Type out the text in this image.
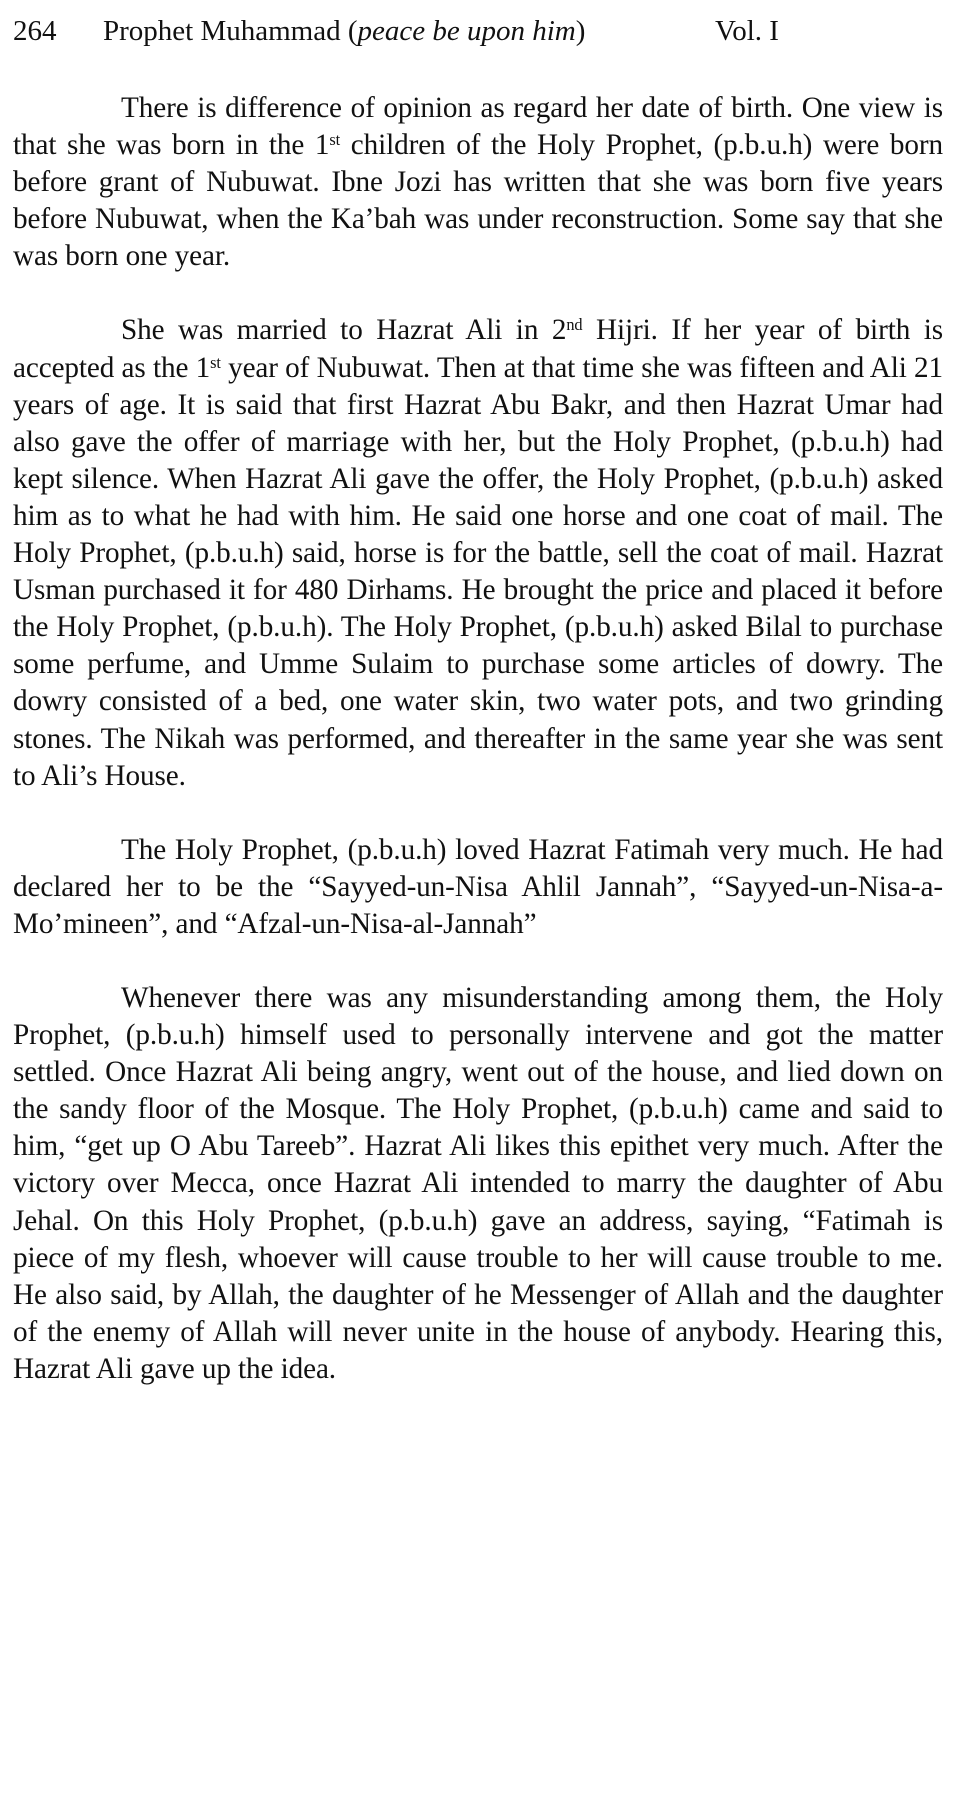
264 Prophet Muhammad (peace be upon him)	Vol. I

There is difference of opinion as regard her date of birth. One view is that she was born in the 1st children of the Holy Prophet, (p.b.u.h) were born before grant of Nubuwat. Ibne Jozi has written that she was born five years before Nubuwat, when the Ka’bah was under reconstruction. Some say that she was born one year.

She was married to Hazrat Ali in 2nd Hijri. If her year of birth is accepted as the 1st year of Nubuwat. Then at that time she was fifteen and Ali 21 years of age. It is said that first Hazrat Abu Bakr, and then Hazrat Umar had also gave the offer of marriage with her, but the Holy Prophet, (p.b.u.h) had kept silence. When Hazrat Ali gave the offer, the Holy Prophet, (p.b.u.h) asked him as to what he had with him. He said one horse and one coat of mail. The Holy Prophet, (p.b.u.h) said, horse is for the battle, sell the coat of mail. Hazrat Usman purchased it for 480 Dirhams. He brought the price and placed it before the Holy Prophet, (p.b.u.h). The Holy Prophet, (p.b.u.h) asked Bilal to purchase some perfume, and Umme Sulaim to purchase some articles of dowry. The dowry consisted of a bed, one water skin, two water pots, and two grinding stones. The Nikah was performed, and thereafter in the same year she was sent to Ali’s House.

The Holy Prophet, (p.b.u.h) loved Hazrat Fatimah very much. He had declared her to be the “Sayyed-un-Nisa Ahlil Jannah”, “Sayyed-un-Nisa-a-Mo’mineen”, and “Afzal-un-Nisa-al-Jannah”

Whenever there was any misunderstanding among them, the Holy Prophet, (p.b.u.h) himself used to personally intervene and got the matter settled. Once Hazrat Ali being angry, went out of the house, and lied down on the sandy floor of the Mosque. The Holy Prophet, (p.b.u.h) came and said to him, “get up O Abu Tareeb”. Hazrat Ali likes this epithet very much. After the victory over Mecca, once Hazrat Ali intended to marry the daughter of Abu Jehal. On this Holy Prophet, (p.b.u.h) gave an address, saying, “Fatimah is piece of my flesh, whoever will cause trouble to her will cause trouble to me. He also said, by Allah, the daughter of he Messenger of Allah and the daughter of the enemy of Allah will never unite in the house of anybody. Hearing this, Hazrat Ali gave up the idea.
